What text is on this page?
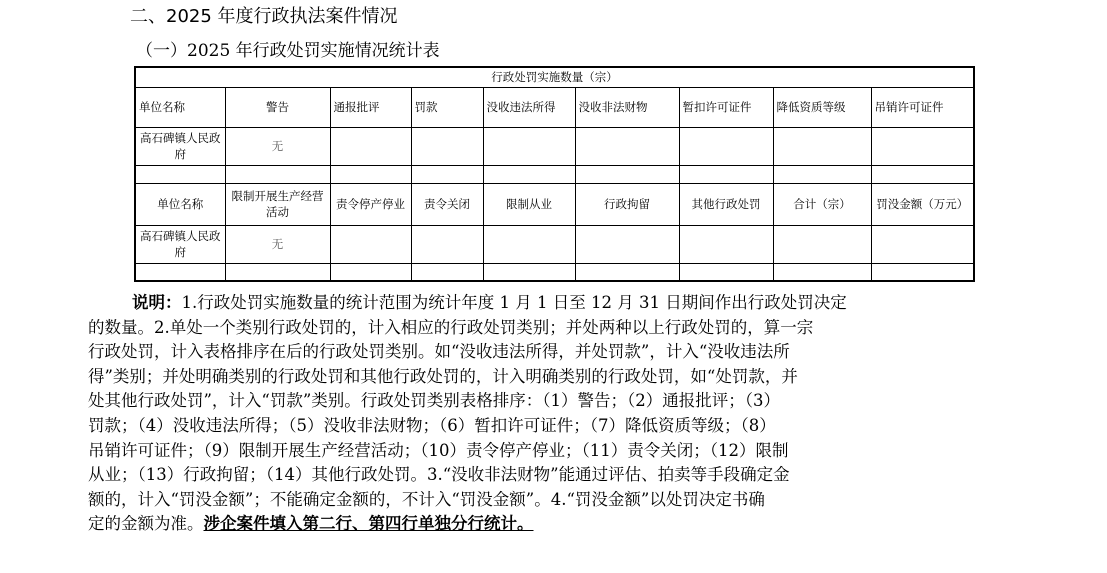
二、2025 年度行政执法案件情况
（一）2025 年行政处罚实施情况统计表
行政处罚实施数量（宗）								
单位名称	警告	通报批评	罚款	没收违法所得	没收非法财物	暂扣许可证件	降低资质等级	吊销许可证件
高石碑镇人民政府	无							

单位名称	限制开展生产经营活动	责令停产停业	责令关闭	限制从业	行政拘留	其他行政处罚	合计（宗）	罚没金额（万元）
高石碑镇人民政府	无							

说明：1.行政处罚实施数量的统计范围为统计年度 1 月 1 日至 12 月 31 日期间作出行政处罚决定
的数量。2.单处一个类别行政处罚的，计入相应的行政处罚类别；并处两种以上行政处罚的，算一宗
行政处罚，计入表格排序在后的行政处罚类别。如“没收违法所得，并处罚款”，计入“没收违法所
得”类别；并处明确类别的行政处罚和其他行政处罚的，计入明确类别的行政处罚，如“处罚款，并
处其他行政处罚”，计入“罚款”类别。行政处罚类别表格排序：（1）警告；（2）通报批评；（3）
罚款；（4）没收违法所得；（5）没收非法财物；（6）暂扣许可证件；（7）降低资质等级；（8）
吊销许可证件；（9）限制开展生产经营活动；（10）责令停产停业；（11）责令关闭；（12）限制
从业；（13）行政拘留；（14）其他行政处罚。3.“没收非法财物”能通过评估、拍卖等手段确定金
额的，计入“罚没金额”；不能确定金额的，不计入“罚没金额”。4.“罚没金额”以处罚决定书确
定的金额为准。涉企案件填入第二行、第四行单独分行统计。
